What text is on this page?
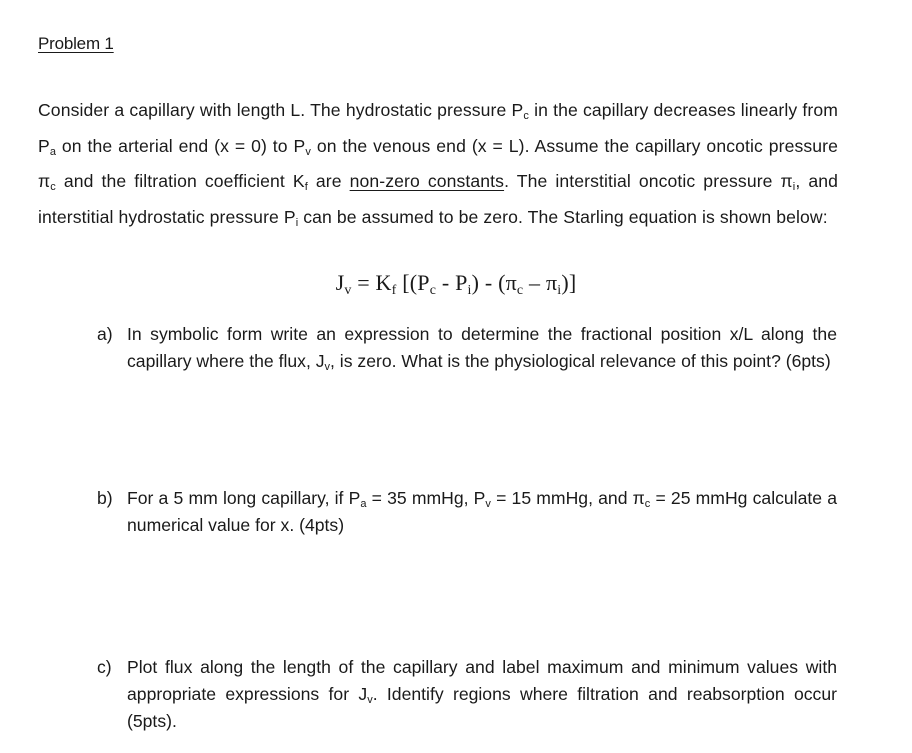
Problem 1
Consider a capillary with length L. The hydrostatic pressure $P_c$ in the capillary decreases linearly from $P_a$ on the arterial end (x = 0) to $P_v$ on the venous end (x = L). Assume the capillary oncotic pressure $\pi_c$ and the filtration coefficient $K_f$ are non-zero constants. The interstitial oncotic pressure $\pi_i$, and interstitial hydrostatic pressure $P_i$ can be assumed to be zero. The Starling equation is shown below:
$J_v = K_f$ $[(P_c - P_i) - (\pi_c - \pi_i)]$
a) In symbolic form write an expression to determine the fractional position x/L along the capillary where the flux, $J_v$, is zero. What is the physiological relevance of this point? (6pts)
b) For a 5 mm long capillary, if $P_a = 35$ mmHg, $P_v = 15$ mmHg, and $\pi_c = 25$ mmHg calculate a numerical value for x. (4pts)
c) Plot flux along the length of the capillary and label maximum and minimum values with appropriate expressions for $J_v$. Identify regions where filtration and reabsorption occur (5pts).
